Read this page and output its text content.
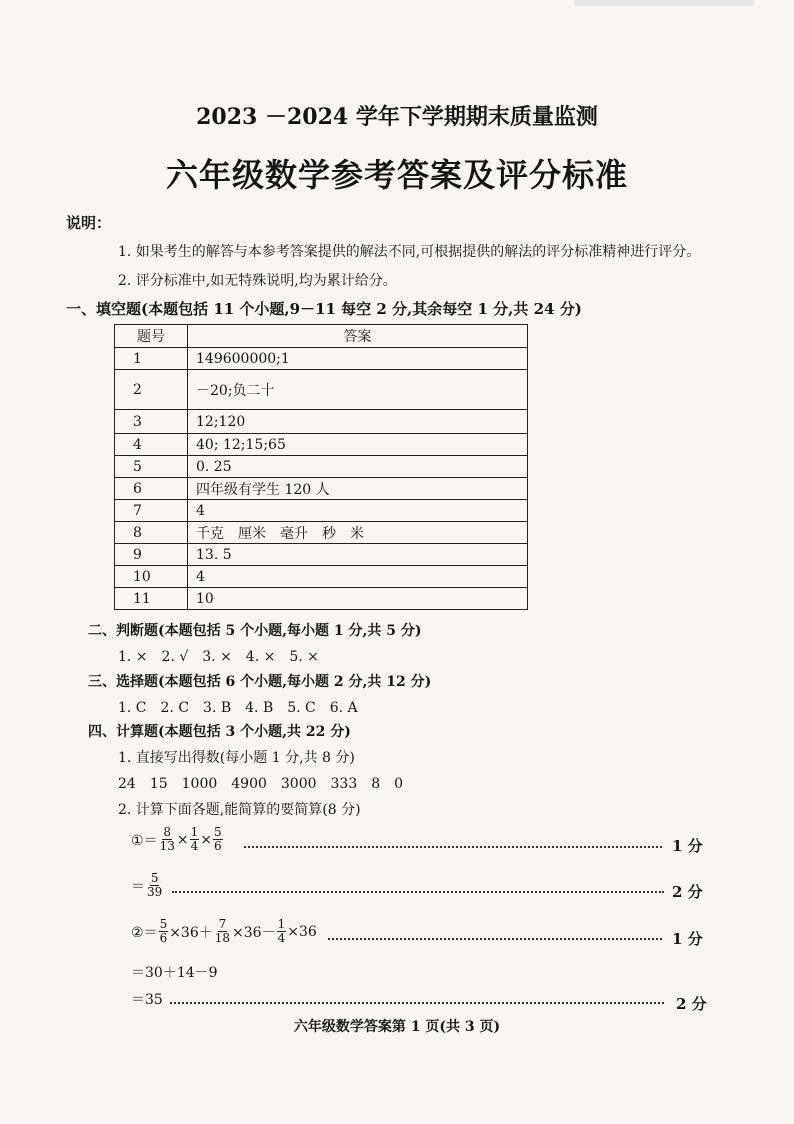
2023 －2024 学年下学期期末质量监测
六年级数学参考答案及评分标准
说明：
1. 如果考生的解答与本参考答案提供的解法不同,可根据提供的解法的评分标准精神进行评分。
2. 评分标准中,如无特殊说明,均为累计给分。
一、填空题(本题包括 11 个小题,9－11 每空 2 分,其余每空 1 分,共 24 分)
题号	答案
1	149600000;1
2	－20;负二十
3	12;120
4	40; 12;15;65
5	0. 25
6	四年级有学生 120 人
7	4
8	千克　厘米　毫升　秒　米
9	13. 5
10	4
11	10
二、判断题(本题包括 5 个小题,每小题 1 分,共 5 分)
1. ×　2. √　3. ×　4. ×　5. ×
三、选择题(本题包括 6 个小题,每小题 2 分,共 12 分)
1. C　2. C　3. B　4. B　5. C　6. A
四、计算题(本题包括 3 个小题,共 22 分)
1. 直接写出得数(每小题 1 分,共 8 分)
24　15　1000　4900　3000　333　8　0
2. 计算下面各题,能简算的要简算(8 分)
①＝ $\frac{8}{13} \times \frac{1}{4} \times \frac{5}{6}$	1 分
＝ $\frac{5}{39}$	2 分
②＝ $\frac{5}{6} \times 36+ \frac{7}{18} \times 36- \frac{1}{4} \times 36$	1 分
＝30＋14－9
＝35	2 分
六年级数学答案第 1 页(共 3 页)
